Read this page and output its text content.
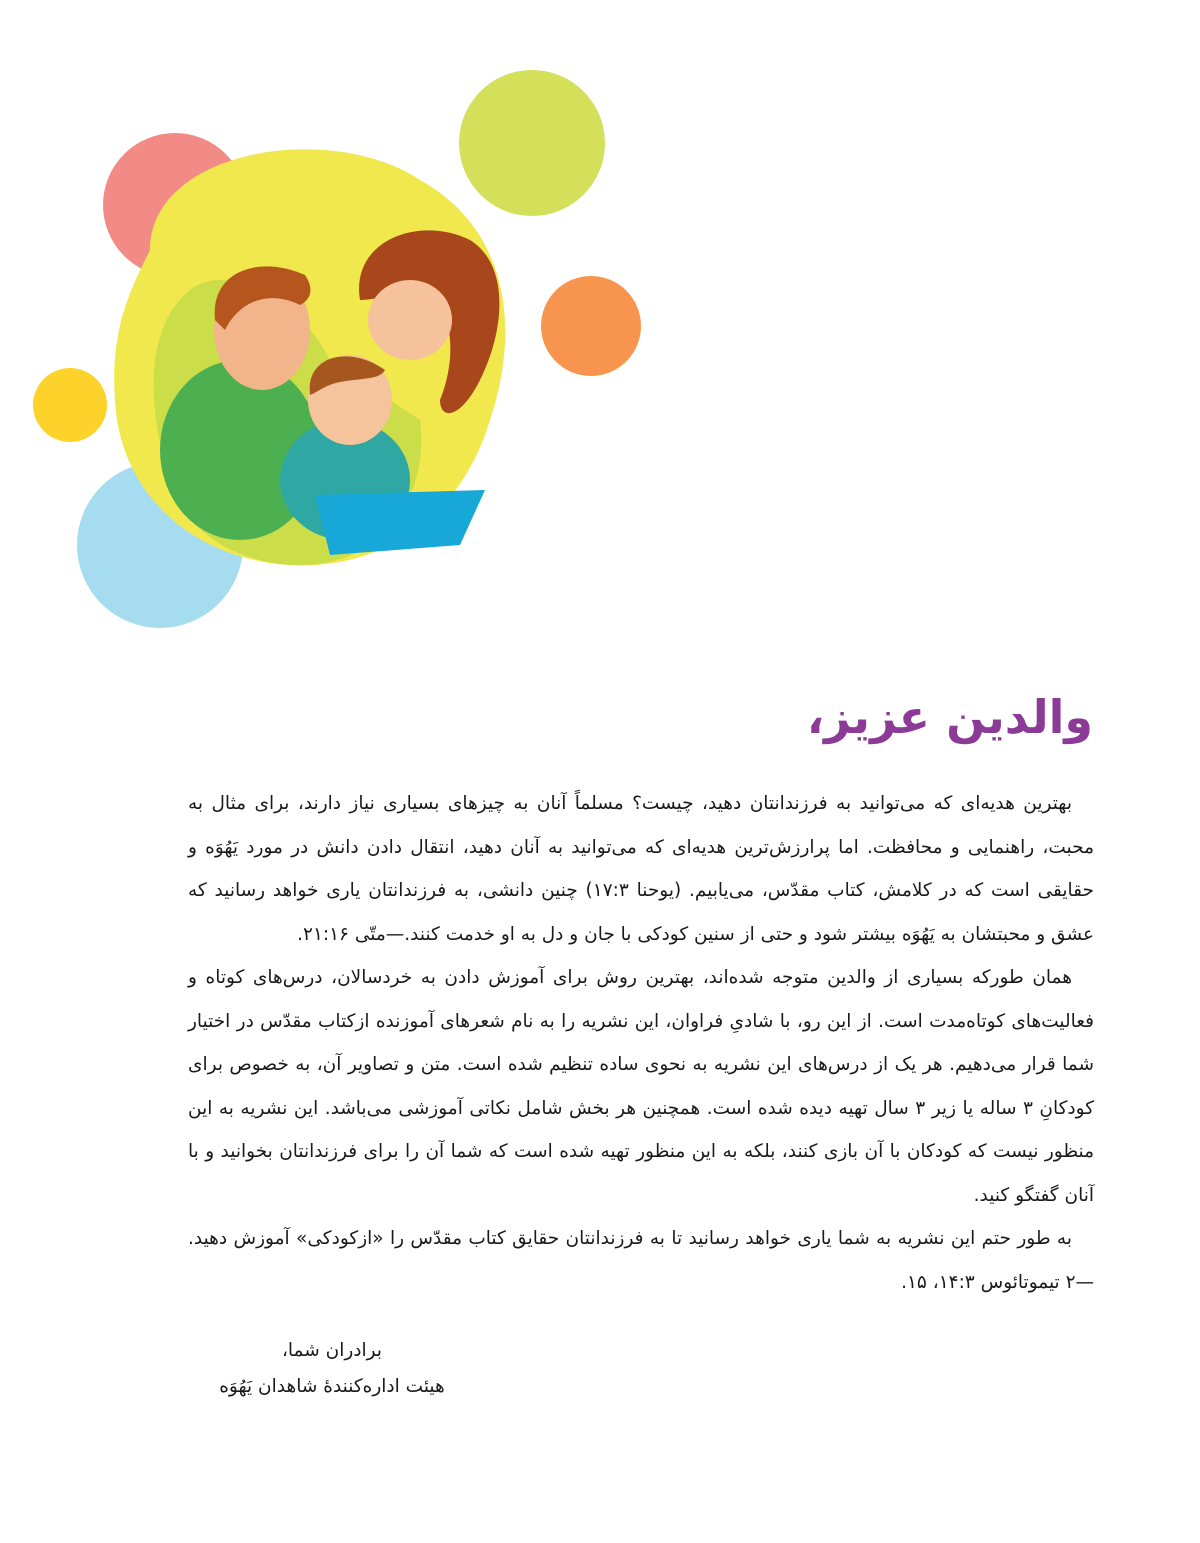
والدین عزیز،

بهترین هدیه‌ای که می‌توانید به فرزندانتان دهید، چیست؟ مسلماً آنان به چیزهای بسیاری نیاز دارند، برای مثال به محبت، راهنمایی و محافظت. اما پرارزش‌ترین هدیه‌ای که می‌توانید به آنان دهید، انتقال دادن دانش در مورد یَهُوَه و حقایقی است که در کلامش، کتاب مقدّس، می‌یابیم. (یوحنا ۱۷:۳) چنین دانشی، به فرزندانتان یاری خواهد رسانید که عشق و محبتشان به یَهُوَه بیشتر شود و حتی از سنین کودکی با جان و دل به او خدمت کنند.—متّی ۲۱:۱۶.

همان طورکه بسیاری از والدین متوجه شده‌اند، بهترین روش برای آموزش دادن به خردسالان، درس‌های کوتاه و فعالیت‌های کوتاه‌مدت است. از این رو، با شادیِ فراوان، این نشریه را به نام شعرهای آموزنده ازکتاب مقدّس در اختیار شما قرار می‌دهیم. هر یک از درس‌های این نشریه به نحوی ساده تنظیم شده است. متن و تصاویر آن، به خصوص برای کودکانِ ۳ ساله یا زیر ۳ سال تهیه دیده شده است. همچنین هر بخش شامل نکاتی آموزشی می‌باشد. این نشریه به این منظور نیست که کودکان با آن بازی کنند، بلکه به این منظور تهیه شده است که شما آن را برای فرزندانتان بخوانید و با آنان گفتگو کنید.

به طور حتم این نشریه به شما یاری خواهد رسانید تا به فرزندانتان حقایق کتاب مقدّس را «ازکودکی» آموزش دهید.—۲ تیموتائوس ۳:‏۱۴، ۱۵.

برادران شما،
هیئت اداره‌کنندهٔ شاهدان یَهُوَه
